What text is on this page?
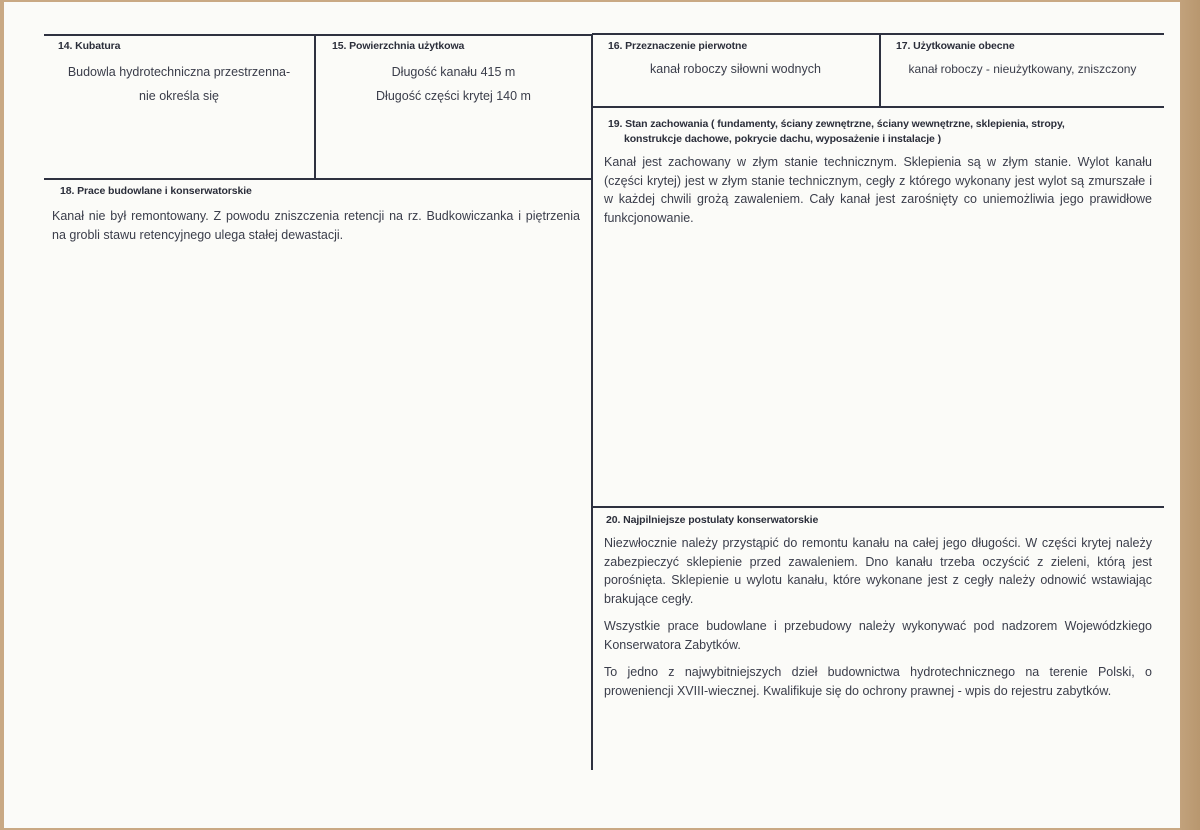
14. Kubatura
Budowla hydrotechniczna przestrzenna-
nie określa się
15. Powierzchnia użytkowa
Długość kanału 415 m
Długość części krytej 140 m
16. Przeznaczenie pierwotne
kanał roboczy siłowni wodnych
17. Użytkowanie obecne
kanał roboczy - nieużytkowany, zniszczony
18. Prace budowlane i konserwatorskie
Kanał nie był remontowany. Z powodu zniszczenia retencji na rz. Budkowiczanka i piętrzenia na grobli stawu retencyjnego ulega stałej dewastacji.
19. Stan zachowania ( fundamenty, ściany zewnętrzne, ściany wewnętrzne, sklepienia, stropy,
konstrukcje dachowe, pokrycie dachu, wyposażenie i instalacje )
Kanał jest zachowany w złym stanie technicznym. Sklepienia są w złym stanie. Wylot kanału (części krytej) jest w złym stanie technicznym, cegły z którego wykonany jest wylot są zmurszałe i w każdej chwili grożą zawaleniem. Cały kanał jest zarośnięty co uniemożliwia jego prawidłowe funkcjonowanie.
20. Najpilniejsze postulaty konserwatorskie

Niezwłocznie należy przystąpić do remontu kanału na całej jego długości. W części krytej należy zabezpieczyć sklepienie przed zawaleniem. Dno kanału trzeba oczyścić z zieleni, którą jest porośnięta. Sklepienie u wylotu kanału, które wykonane jest z cegły należy odnowić wstawiając brakujące cegły.

Wszystkie prace budowlane i przebudowy należy wykonywać pod nadzorem Wojewódzkiego Konserwatora Zabytków.

To jedno z najwybitniejszych dzieł budownictwa hydrotechnicznego na terenie Polski, o proweniencji XVIII-wiecznej. Kwalifikuje się do ochrony prawnej - wpis do rejestru zabytków.
